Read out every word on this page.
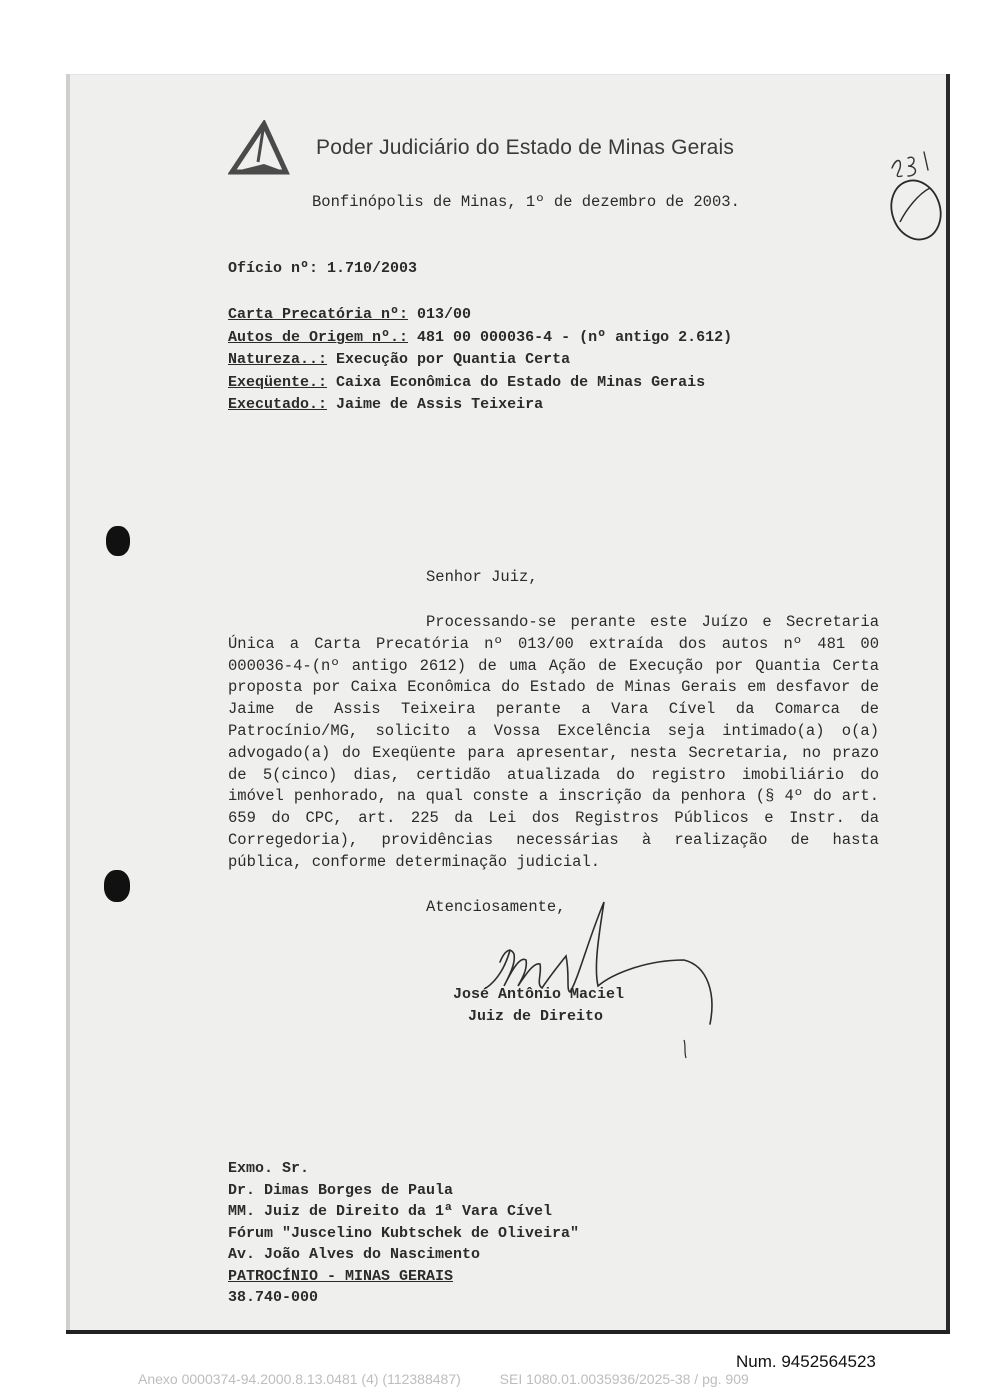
Poder Judiciário do Estado de Minas Gerais
Bonfinópolis de Minas, 1º de dezembro de 2003.
Ofício nº: 1.710/2003
Carta Precatória nº: 013/00
Autos de Origem nº.: 481 00 000036-4 - (nº antigo 2.612)
Natureza..: Execução por Quantia Certa
Exeqüente.: Caixa Econômica do Estado de Minas Gerais
Executado.: Jaime de Assis Teixeira
Senhor Juiz,
Processando-se perante este Juízo e Secretaria Única a Carta Precatória nº 013/00 extraída dos autos nº 481 00 000036-4-(nº antigo 2612) de uma Ação de Execução por Quantia Certa proposta por Caixa Econômica do Estado de Minas Gerais em desfavor de Jaime de Assis Teixeira perante a Vara Cível da Comarca de Patrocínio/MG, solicito a Vossa Excelência seja intimado(a) o(a) advogado(a) do Exeqüente para apresentar, nesta Secretaria, no prazo de 5(cinco) dias, certidão atualizada do registro imobiliário do imóvel penhorado, na qual conste a inscrição da penhora (§ 4º do art. 659 do CPC, art. 225 da Lei dos Registros Públicos e Instr. da Corregedoria), providências necessárias à realização de hasta pública, conforme determinação judicial.
Atenciosamente,
José Antônio Maciel
Juiz de Direito
Exmo. Sr.
Dr. Dimas Borges de Paula
MM. Juiz de Direito da 1ª Vara Cível
Fórum "Juscelino Kubtschek de Oliveira"
Av. João Alves do Nascimento
PATROCÍNIO - MINAS GERAIS
38.740-000
Num. 9452564523
Anexo 0000374-94.2000.8.13.0481 (4) (112388487)          SEI 1080.01.0035936/2025-38 / pg. 909
